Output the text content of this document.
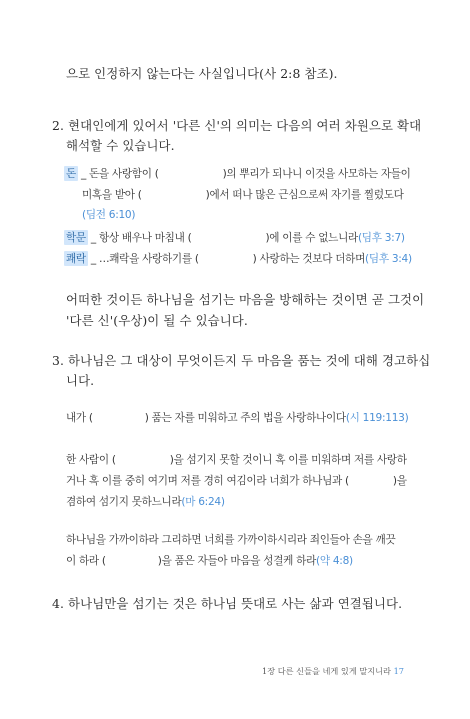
으로 인정하지 않는다는 사실입니다(사 2:8 참조).
2. 현대인에게 있어서 '다른 신'의 의미는 다음의 여러 차원으로 확대
해석할 수 있습니다.
돈 _ 돈을 사랑함이 (	)의 뿌리가 되나니 이것을 사모하는 자들이
미혹을 받아 (	)에서 떠나 많은 근심으로써 자기를 찔렀도다
(딤전 6:10)
학문 _ 항상 배우나 마침내 (	)에 이를 수 없느니라(딤후 3:7)
쾌락 _ …쾌락을 사랑하기를 (	) 사랑하는 것보다 더하며(딤후 3:4)
어떠한 것이든 하나님을 섬기는 마음을 방해하는 것이면 곧 그것이
'다른 신'(우상)이 될 수 있습니다.
3. 하나님은 그 대상이 무엇이든지 두 마음을 품는 것에 대해 경고하십
니다.
내가 (	) 품는 자를 미워하고 주의 법을 사랑하나이다(시 119:113)
한 사람이 (	)을 섬기지 못할 것이니 혹 이를 미워하며 저를 사랑하
거나 혹 이를 중히 여기며 저를 경히 여김이라 너희가 하나님과 (	)을
겸하여 섬기지 못하느니라(마 6:24)
하나님을 가까이하라 그리하면 너희를 가까이하시리라 죄인들아 손을 깨끗
이 하라 (	)을 품은 자들아 마음을 성결케 하라(약 4:8)
4. 하나님만을 섬기는 것은 하나님 뜻대로 사는 삶과 연결됩니다.
1장 다른 신들을 네게 있게 말지니라 17
